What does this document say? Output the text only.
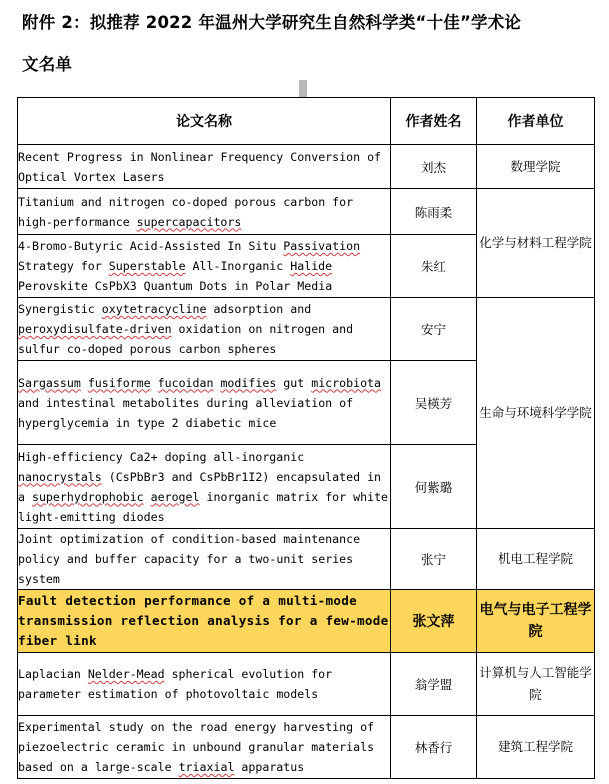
附件 2：拟推荐 2022 年温州大学研究生自然科学类“十佳”学术论
文名单
论文名称	作者姓名	作者单位
Recent Progress in Nonlinear Frequency Conversion of Optical Vortex Lasers	刘杰	数理学院
Titanium and nitrogen co-doped porous carbon for high-performance supercapacitors	陈雨柔	化学与材料工程学院
4-Bromo-Butyric Acid-Assisted In Situ Passivation Strategy for Superstable All-Inorganic Halide Perovskite CsPbX3 Quantum Dots in Polar Media	朱红	
Synergistic oxytetracycline adsorption and peroxydisulfate-driven oxidation on nitrogen and sulfur co-doped porous carbon spheres	安宁	生命与环境科学学院
Sargassum fusiforme fucoidan modifies gut microbiota and intestinal metabolites during alleviation of hyperglycemia in type 2 diabetic mice	吴楧芳	
High-efficiency Ca2+ doping all-inorganic nanocrystals (CsPbBr3 and CsPbBr1I2) encapsulated in a superhydrophobic aerogel inorganic matrix for white light-emitting diodes	何紫璐	
Joint optimization of condition-based maintenance policy and buffer capacity for a two-unit series system	张宁	机电工程学院
Fault detection performance of a multi-mode transmission reflection analysis for a few-mode fiber link	张文萍	电气与电子工程学院
Laplacian Nelder-Mead spherical evolution for parameter estimation of photovoltaic models	翁学盟	计算机与人工智能学院
Experimental study on the road energy harvesting of piezoelectric ceramic in unbound granular materials based on a large-scale triaxial apparatus	林香行	建筑工程学院
